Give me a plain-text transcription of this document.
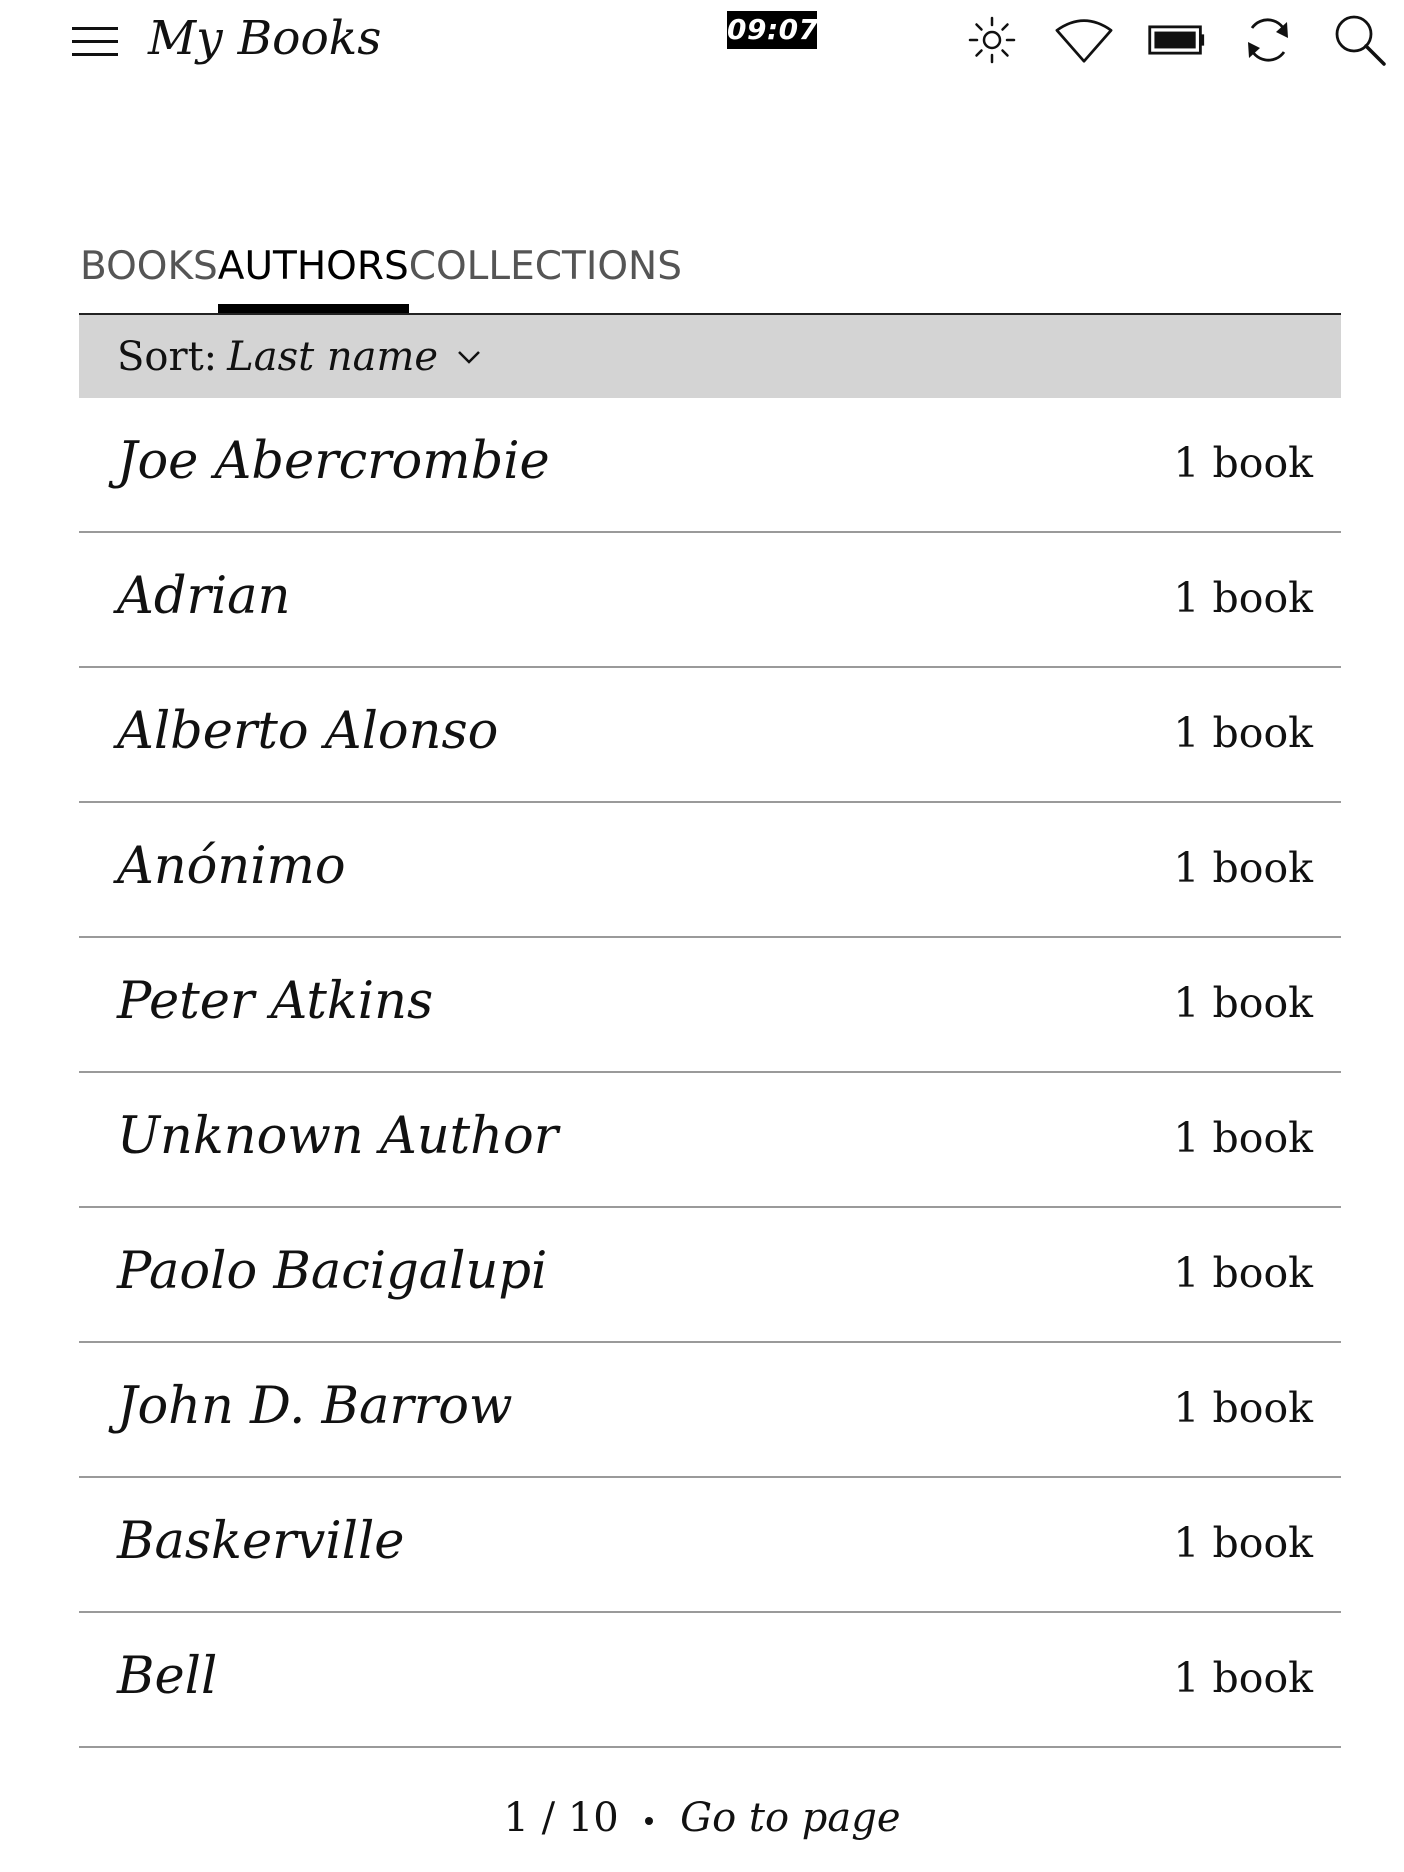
My Books	09:07
BOOKS AUTHORS COLLECTIONS
Sort: Last name
Joe Abercrombie	1 book
Adrian	1 book
Alberto Alonso	1 book
Anónimo	1 book
Peter Atkins	1 book
Unknown Author	1 book
Paolo Bacigalupi	1 book
John D. Barrow	1 book
Baskerville	1 book
Bell	1 book
1 / 10 Go to page
